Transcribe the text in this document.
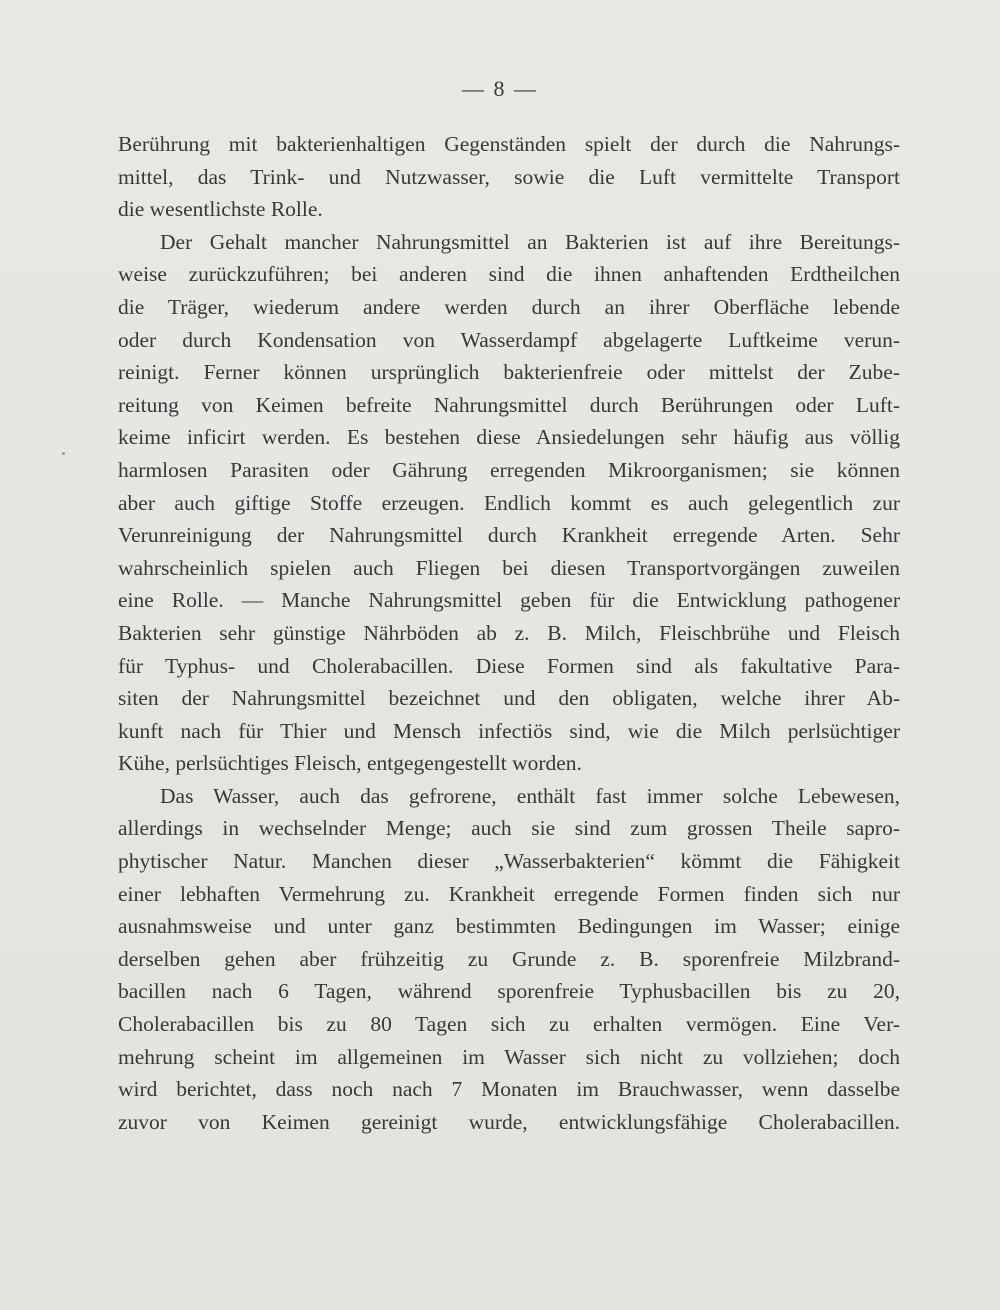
— 8 —
Berührung mit bakterienhaltigen Gegenständen spielt der durch die Nahrungs-
mittel, das Trink- und Nutzwasser, sowie die Luft vermittelte Transport
die wesentlichste Rolle.
Der Gehalt mancher Nahrungsmittel an Bakterien ist auf ihre Bereitungs-
weise zurückzuführen; bei anderen sind die ihnen anhaftenden Erdtheilchen
die Träger, wiederum andere werden durch an ihrer Oberfläche lebende
oder durch Kondensation von Wasserdampf abgelagerte Luftkeime verun-
reinigt. Ferner können ursprünglich bakterienfreie oder mittelst der Zube-
reitung von Keimen befreite Nahrungsmittel durch Berührungen oder Luft-
keime inficirt werden. Es bestehen diese Ansiedelungen sehr häufig aus völlig
harmlosen Parasiten oder Gährung erregenden Mikroorganismen; sie können
aber auch giftige Stoffe erzeugen. Endlich kommt es auch gelegentlich zur
Verunreinigung der Nahrungsmittel durch Krankheit erregende Arten. Sehr
wahrscheinlich spielen auch Fliegen bei diesen Transportvorgängen zuweilen
eine Rolle. — Manche Nahrungsmittel geben für die Entwicklung pathogener
Bakterien sehr günstige Nährböden ab z. B. Milch, Fleischbrühe und Fleisch
für Typhus- und Cholerabacillen. Diese Formen sind als fakultative Para-
siten der Nahrungsmittel bezeichnet und den obligaten, welche ihrer Ab-
kunft nach für Thier und Mensch infectiös sind, wie die Milch perlsüchtiger
Kühe, perlsüchtiges Fleisch, entgegengestellt worden.
Das Wasser, auch das gefrorene, enthält fast immer solche Lebewesen,
allerdings in wechselnder Menge; auch sie sind zum grossen Theile sapro-
phytischer Natur. Manchen dieser „Wasserbakterien“ kömmt die Fähigkeit
einer lebhaften Vermehrung zu. Krankheit erregende Formen finden sich nur
ausnahmsweise und unter ganz bestimmten Bedingungen im Wasser; einige
derselben gehen aber frühzeitig zu Grunde z. B. sporenfreie Milzbrand-
bacillen nach 6 Tagen, während sporenfreie Typhusbacillen bis zu 20,
Cholerabacillen bis zu 80 Tagen sich zu erhalten vermögen. Eine Ver-
mehrung scheint im allgemeinen im Wasser sich nicht zu vollziehen; doch
wird berichtet, dass noch nach 7 Monaten im Brauchwasser, wenn dasselbe
zuvor von Keimen gereinigt wurde, entwicklungsfähige Cholerabacillen.
